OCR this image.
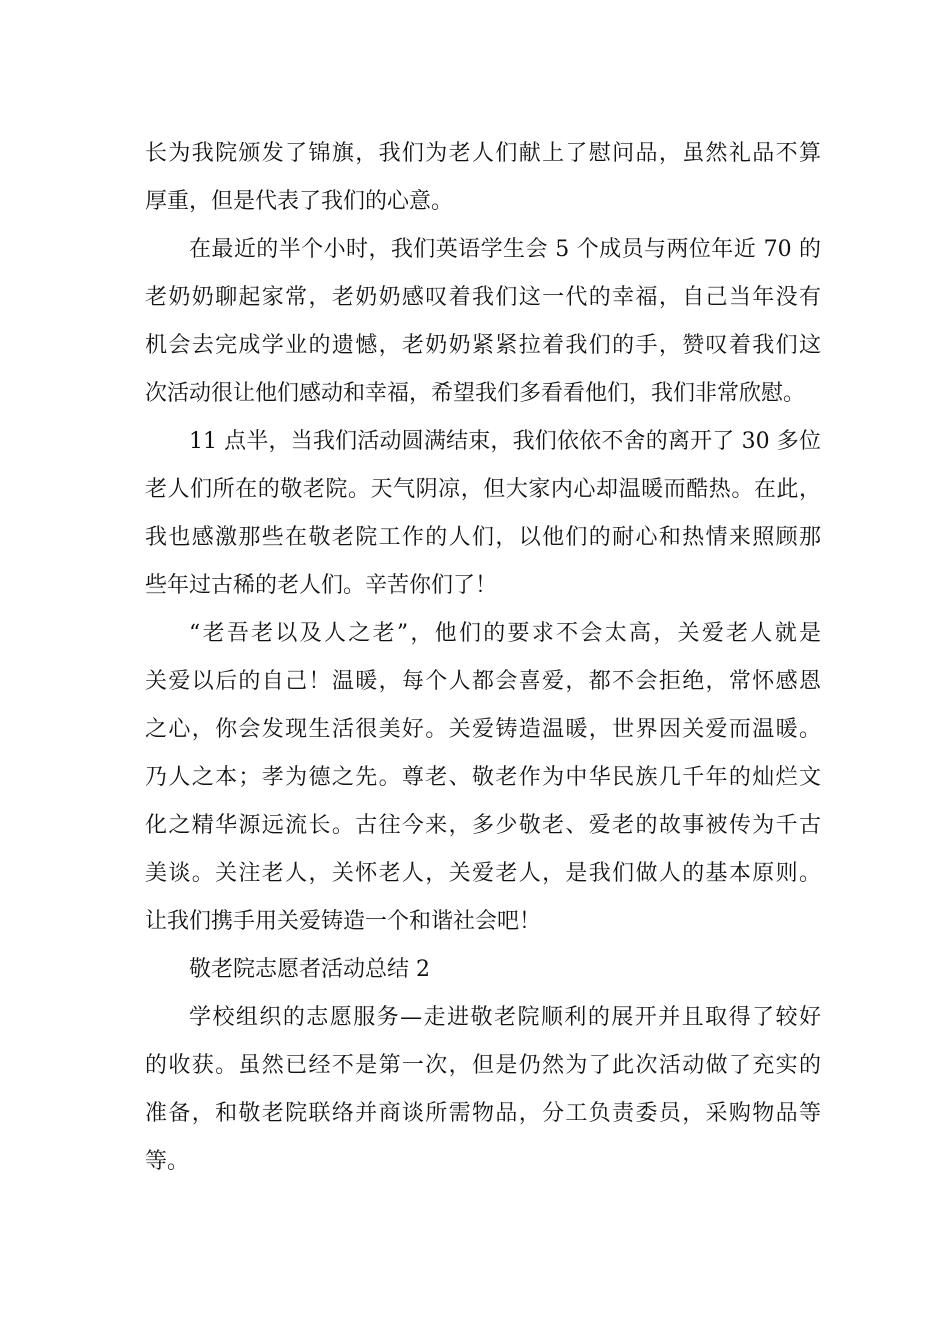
长为我院颁发了锦旗，我们为老人们献上了慰问品，虽然礼品不算
厚重，但是代表了我们的心意。
在最近的半个小时，我们英语学生会 5 个成员与两位年近 70 的
老奶奶聊起家常，老奶奶感叹着我们这一代的幸福，自己当年没有
机会去完成学业的遗憾，老奶奶紧紧拉着我们的手，赞叹着我们这
次活动很让他们感动和幸福，希望我们多看看他们，我们非常欣慰。
11 点半，当我们活动圆满结束，我们依依不舍的离开了 30 多位
老人们所在的敬老院。天气阴凉，但大家内心却温暖而酷热。在此，
我也感激那些在敬老院工作的人们，以他们的耐心和热情来照顾那
些年过古稀的老人们。辛苦你们了！
“老吾老以及人之老”，他们的要求不会太高，关爱老人就是
关爱以后的自己！温暖，每个人都会喜爱，都不会拒绝，常怀感恩
之心，你会发现生活很美好。关爱铸造温暖，世界因关爱而温暖。
乃人之本；孝为德之先。尊老、敬老作为中华民族几千年的灿烂文
化之精华源远流长。古往今来，多少敬老、爱老的故事被传为千古
美谈。关注老人，关怀老人，关爱老人，是我们做人的基本原则。
让我们携手用关爱铸造一个和谐社会吧！
敬老院志愿者活动总结 2
学校组织的志愿服务—走进敬老院顺利的展开并且取得了较好
的收获。虽然已经不是第一次，但是仍然为了此次活动做了充实的
准备，和敬老院联络并商谈所需物品，分工负责委员，采购物品等
等。
